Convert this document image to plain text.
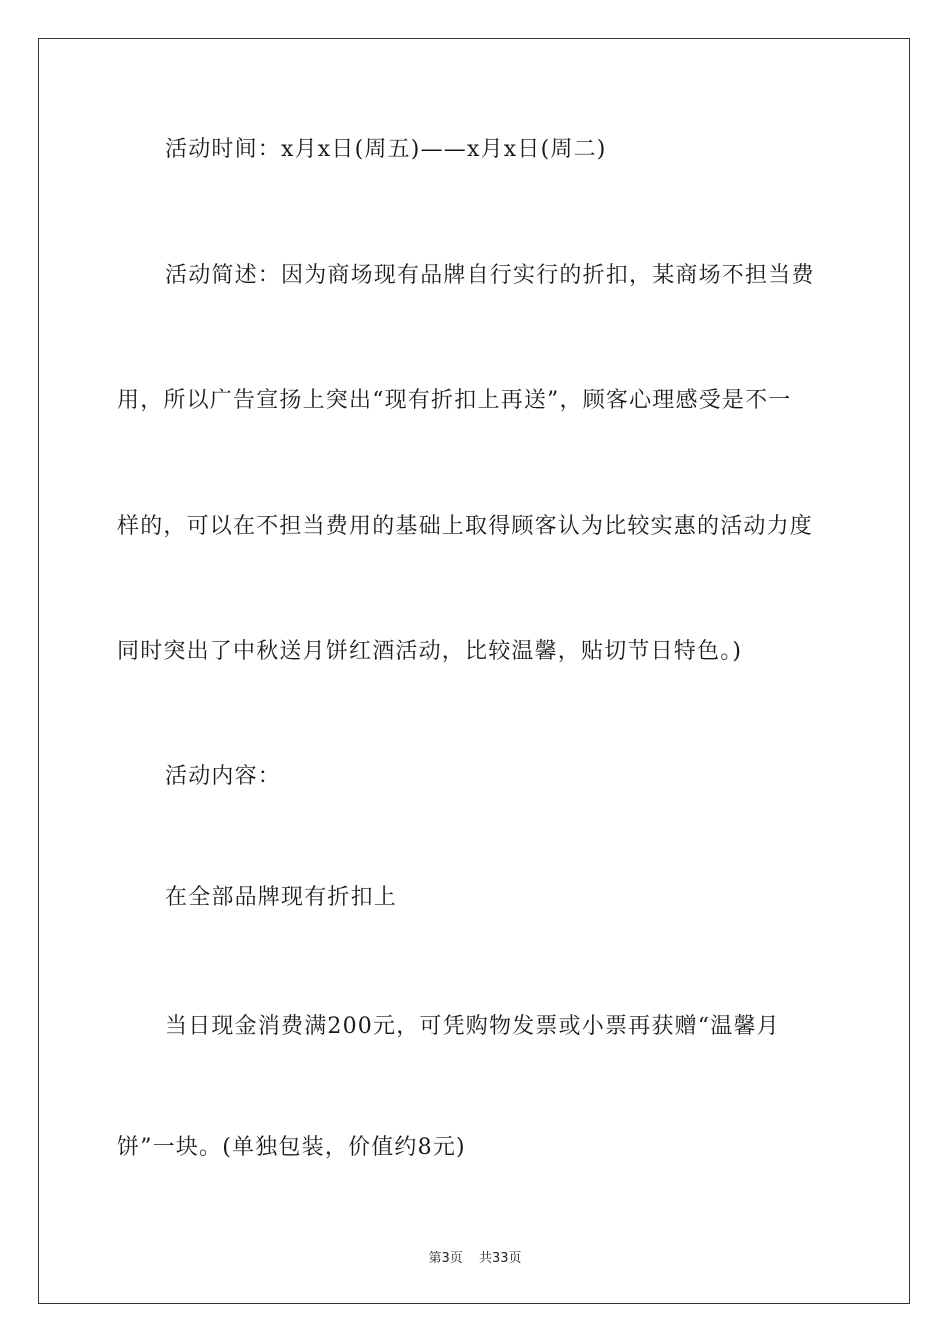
活动时间：x月x日(周五)——x月x日(周二)
活动简述：因为商场现有品牌自行实行的折扣，某商场不担当费
用，所以广告宣扬上突出“现有折扣上再送”，顾客心理感受是不一
样的，可以在不担当费用的基础上取得顾客认为比较实惠的活动力度
同时突出了中秋送月饼红酒活动，比较温馨，贴切节日特色。)
活动内容：
在全部品牌现有折扣上
当日现金消费满200元，可凭购物发票或小票再获赠“温馨月
饼”一块。(单独包装，价值约8元)
第3页 共33页
